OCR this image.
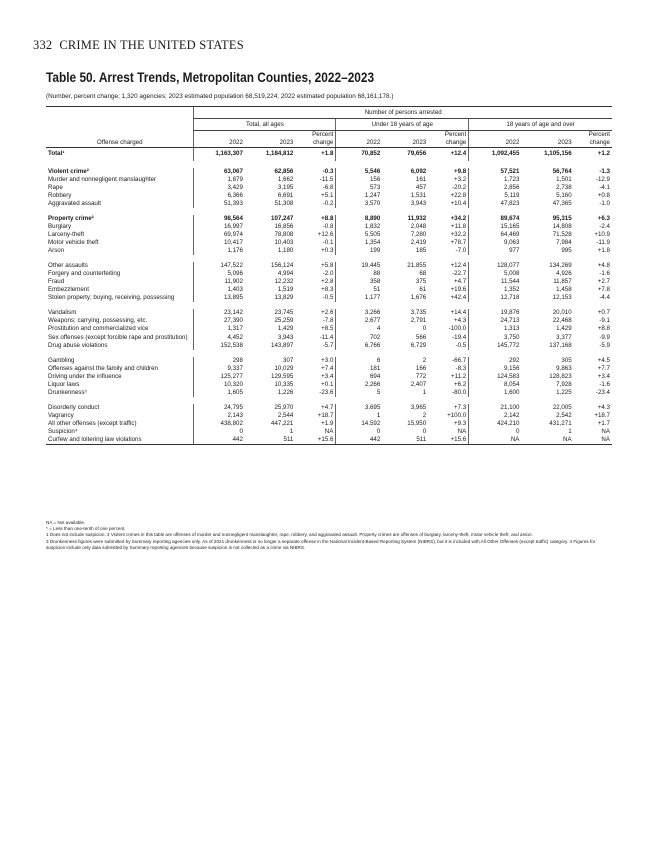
332 CRIME IN THE UNITED STATES
Table 50. Arrest Trends, Metropolitan Counties, 2022–2023
(Number, percent change; 1,320 agencies; 2023 estimated population 68,519,224; 2022 estimated population 68,161,178.)
	Number of persons arrested								
	Total, all ages			Under 18 years of age			18 years of age and over		
Offense charged	2022	2023	Percent change	2022	2023	Percent change	2022	2023	Percent change
Total¹	1,163,307	1,184,812	+1.8	70,852	79,656	+12.4	1,092,455	1,105,156	+1.2

Violent crime²	63,067	62,856	-0.3	5,546	6,092	+9.8	57,521	56,764	-1.3
Murder and nonnegligent manslaughter	1,879	1,662	-11.5	156	161	+3.2	1,723	1,501	-12.9
Rape	3,429	3,195	-6.8	573	457	-20.2	2,856	2,738	-4.1
Robbery	6,366	6,691	+5.1	1,247	1,531	+22.8	5,119	5,160	+0.8
Aggravated assault	51,393	51,308	-0.2	3,570	3,943	+10.4	47,823	47,365	-1.0

Property crime²	98,564	107,247	+8.8	8,890	11,932	+34.2	89,674	95,315	+6.3
Burglary	16,997	16,856	-0.8	1,832	2,048	+11.8	15,165	14,808	-2.4
Larceny-theft	69,974	78,808	+12.6	5,505	7,280	+32.2	64,469	71,528	+10.9
Motor vehicle theft	10,417	10,403	-0.1	1,354	2,419	+78.7	9,063	7,984	-11.9
Arson	1,176	1,180	+0.3	199	185	-7.0	977	995	+1.8

Other assaults	147,522	156,124	+5.8	19,445	21,855	+12.4	128,077	134,269	+4.8
Forgery and counterfeiting	5,096	4,994	-2.0	88	68	-22.7	5,008	4,926	-1.6
Fraud	11,902	12,232	+2.8	358	375	+4.7	11,544	11,857	+2.7
Embezzlement	1,403	1,519	+8.3	51	61	+19.6	1,352	1,458	+7.8
Stolen property; buying, receiving, possessing	13,895	13,829	-0.5	1,177	1,676	+42.4	12,718	12,153	-4.4

Vandalism	23,142	23,745	+2.6	3,266	3,735	+14.4	19,876	20,010	+0.7
Weapons; carrying, possessing, etc.	27,390	25,259	-7.8	2,677	2,791	+4.3	24,713	22,468	-9.1
Prostitution and commercialized vice	1,317	1,429	+8.5	4	0	-100.0	1,313	1,429	+8.8
Sex offenses (except forcible rape and prostitution)	4,452	3,943	-11.4	702	566	-19.4	3,750	3,377	-9.9
Drug abuse violations	152,538	143,897	-5.7	6,766	6,729	-0.5	145,772	137,168	-5.9

Gambling	298	307	+3.0	6	2	-66.7	292	305	+4.5
Offenses against the family and children	9,337	10,029	+7.4	181	166	-8.3	9,156	9,863	+7.7
Driving under the influence	125,277	129,595	+3.4	694	772	+11.2	124,583	128,823	+3.4
Liquor laws	10,320	10,335	+0.1	2,266	2,407	+6.2	8,054	7,928	-1.6
Drunkenness³	1,605	1,226	-23.6	5	1	-80.0	1,600	1,225	-23.4

Disorderly conduct	24,795	25,970	+4.7	3,695	3,965	+7.3	21,100	22,005	+4.3
Vagrancy	2,143	2,544	+18.7	1	2	+100.0	2,142	2,542	+18.7
All other offenses (except traffic)	438,802	447,221	+1.9	14,592	15,950	+9.3	424,210	431,271	+1.7
Suspicion⁴	0	1	NA	0	0	NA	0	1	NA
Curfew and loitering law violations	442	511	+15.6	442	511	+15.6	NA	NA	NA
NA = Not available.
* = Less than one-tenth of one percent.
1 Does not include suspicion. 2 Violent crimes in this table are offenses of murder and nonnegligent manslaughter, rape, robbery, and aggravated assault. Property crimes are offenses of burglary, larceny-theft, motor vehicle theft, and arson.
3 Drunkenness figures were submitted by Summary reporting agencies only. As of 2021 drunkenness is no longer a separate offense in the National Incident-Based Reporting System (NIBRS), but it is included with All Other Offenses (except traffic) category. 4 Figures for suspicion include only data submitted by Summary reporting agencies because suspicion is not collected as a crime via NIBRS.
